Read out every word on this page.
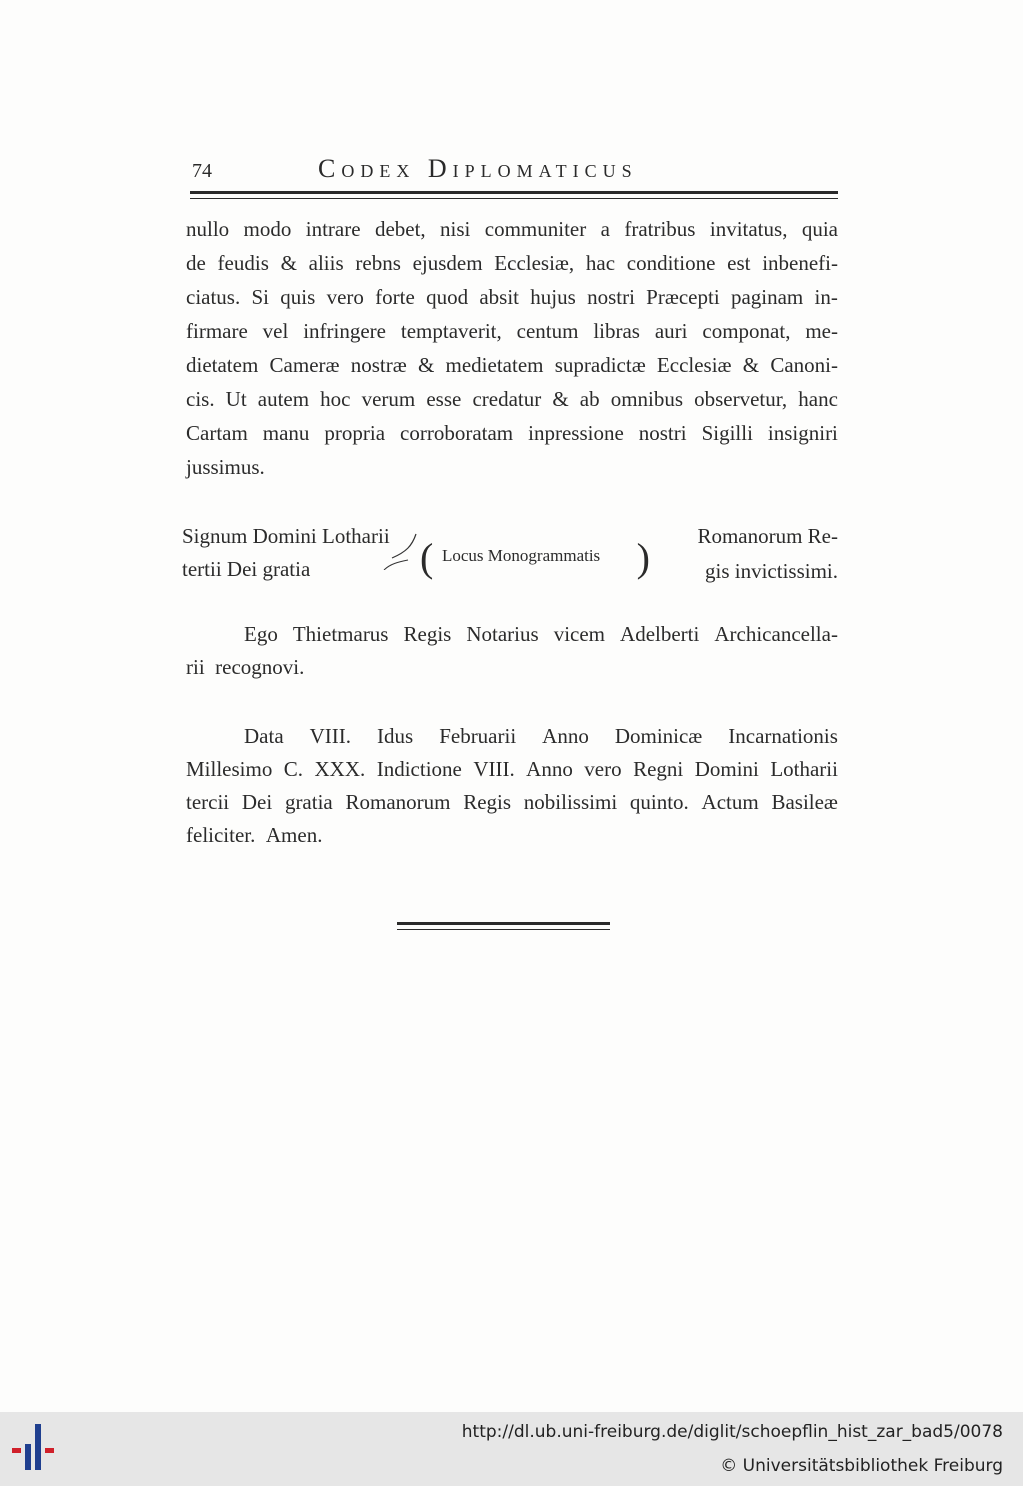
74	Codex Diplomaticus
nullo modo intrare debet, nisi communiter a fratribus invitatus, quia
de feudis & aliis rebns ejusdem Ecclesiæ, hac conditione est inbenefi-
ciatus. Si quis vero forte quod absit hujus nostri Præcepti paginam in-
firmare vel infringere temptaverit, centum libras auri componat, me-
dietatem Cameræ nostræ & medietatem supradictæ Ecclesiæ & Canoni-
cis. Ut autem hoc verum esse credatur & ab omnibus observetur, hanc
Cartam manu propria corroboratam inpressione nostri Sigilli insigniri
jussimus.
Signum Domini Lotharii
tertii Dei gratia	( Locus Monogrammatis ) Romanorum Re-
gis invictissimi.
Ego Thietmarus Regis Notarius vicem Adelberti Archicancella-
rii recognovi.
Data VIII. Idus Februarii Anno Dominicæ Incarnationis
Millesimo C. XXX. Indictione VIII. Anno vero Regni Domini Lotharii
tercii Dei gratia Romanorum Regis nobilissimi quinto. Actum Basileæ
feliciter. Amen.
http://dl.ub.uni-freiburg.de/diglit/schoepflin_hist_zar_bad5/0078
© Universitätsbibliothek Freiburg
